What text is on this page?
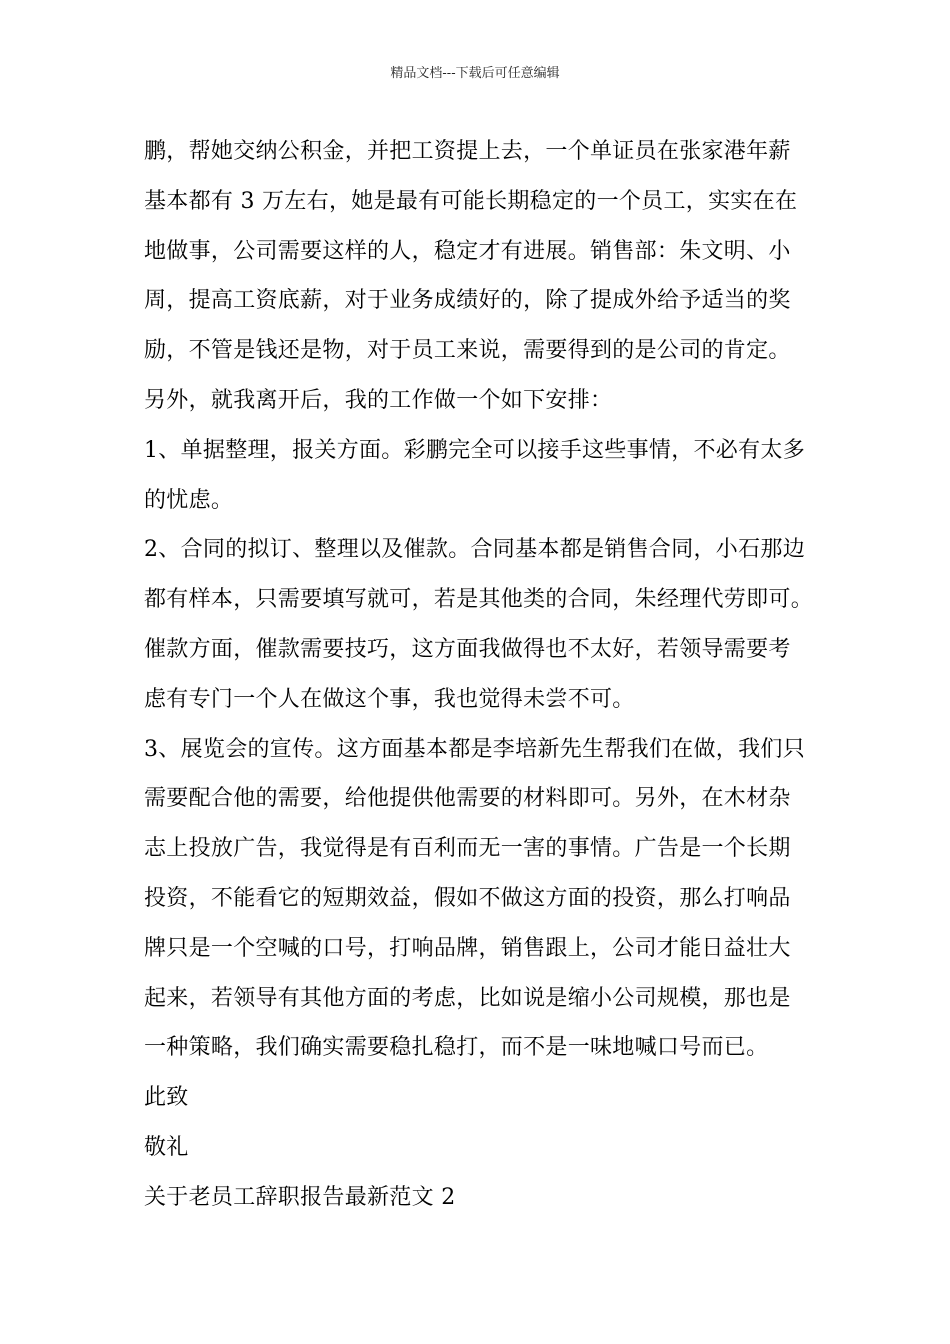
精品文档---下载后可任意编辑
鹏，帮她交纳公积金，并把工资提上去，一个单证员在张家港年薪
基本都有 3 万左右，她是最有可能长期稳定的一个员工，实实在在
地做事，公司需要这样的人，稳定才有进展。销售部：朱文明、小
周，提高工资底薪，对于业务成绩好的，除了提成外给予适当的奖
励，不管是钱还是物，对于员工来说，需要得到的是公司的肯定。
另外，就我离开后，我的工作做一个如下安排：
1、单据整理，报关方面。彩鹏完全可以接手这些事情，不必有太多
的忧虑。
2、合同的拟订、整理以及催款。合同基本都是销售合同，小石那边
都有样本，只需要填写就可，若是其他类的合同，朱经理代劳即可。
催款方面，催款需要技巧，这方面我做得也不太好，若领导需要考
虑有专门一个人在做这个事，我也觉得未尝不可。
3、展览会的宣传。这方面基本都是李培新先生帮我们在做，我们只
需要配合他的需要，给他提供他需要的材料即可。另外，在木材杂
志上投放广告，我觉得是有百利而无一害的事情。广告是一个长期
投资，不能看它的短期效益，假如不做这方面的投资，那么打响品
牌只是一个空喊的口号，打响品牌，销售跟上，公司才能日益壮大
起来，若领导有其他方面的考虑，比如说是缩小公司规模，那也是
一种策略，我们确实需要稳扎稳打，而不是一味地喊口号而已。
此致
敬礼
关于老员工辞职报告最新范文 2
